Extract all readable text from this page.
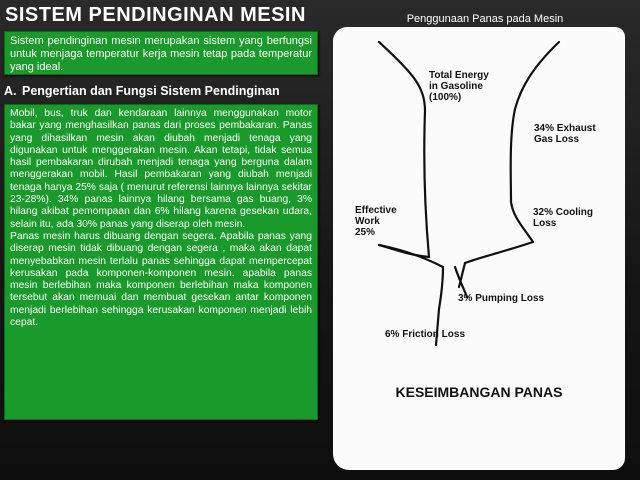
SISTEM PENDINGINAN MESIN

Sistem pendinginan mesin merupakan sistem yang berfungsi untuk menjaga temperatur kerja mesin tetap pada temperatur yang ideal.

A. Pengertian dan Fungsi Sistem Pendinginan

Mobil, bus, truk dan kendaraan lainnya menggunakan motor bakar yang menghasilkan panas dari proses pembakaran. Panas yang dihasilkan mesin akan diubah menjadi tenaga yang digunakan untuk menggerakan mesin. Akan tetapi, tidak semua hasil pembakaran dirubah menjadi tenaga yang berguna dalam menggerakan mobil. Hasil pembakaran yang diubah menjadi tenaga hanya 25% saja ( menurut referensi lainnya lainnya sekitar 23-28%). 34% panas lainnya hilang bersama gas buang, 3% hilang akibat pemompaan dan 6% hilang karena gesekan udara, selain itu, ada 30% panas yang diserap oleh mesin.

Panas mesin harus dibuang dengan segera. Apabila panas yang diserap mesin tidak dibuang dengan segera , maka akan dapat menyebabkan mesin terlalu panas sehingga dapat mempercepat kerusakan pada komponen-komponen mesin. apabila panas mesin berlebihan maka komponen berlebihan maka komponen tersebut akan memuai dan membuat gesekan antar komponen menjadi berlebihan sehingga kerusakan komponen menjadi lebih cepat.

Penggunaan Panas pada Mesin
Total Energy
in Gasoline
(100%)
34% Exhaust
Gas Loss
Effective
Work
25%
32% Cooling
Loss
3% Pumping Loss
6% Friction Loss
KESEIMBANGAN PANAS
